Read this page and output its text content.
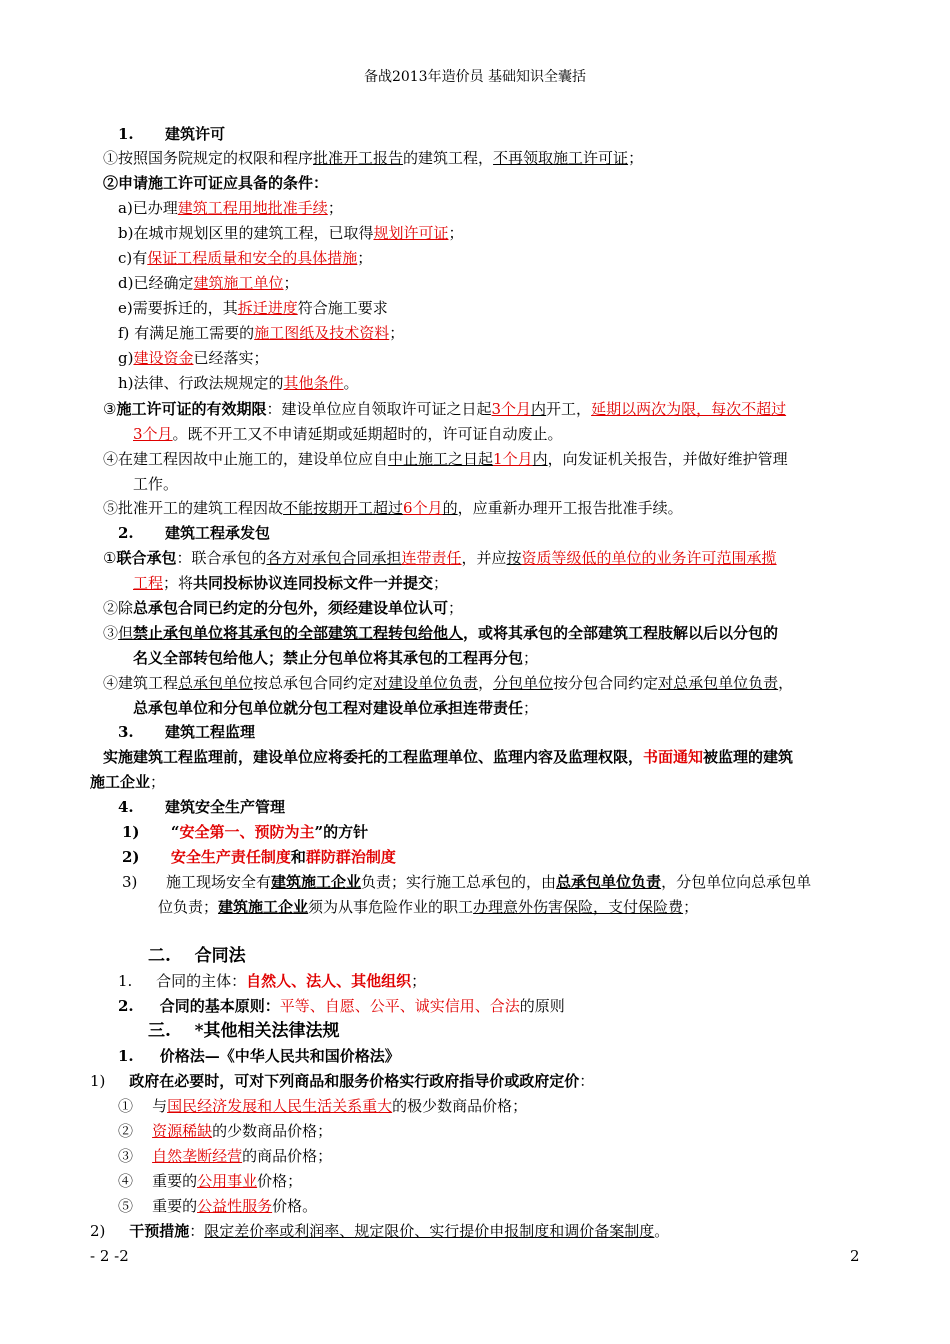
备战2013年造价员 基础知识全囊括
1.      建筑许可
①按照国务院规定的权限和程序批准开工报告的建筑工程，不再领取施工许可证；
②申请施工许可证应具备的条件：
a)已办理建筑工程用地批准手续；
b)在城市规划区里的建筑工程，已取得规划许可证；
c)有保证工程质量和安全的具体措施；
d)已经确定建筑施工单位；
e)需要拆迁的，其拆迁进度符合施工要求
f) 有满足施工需要的施工图纸及技术资料；
g)建设资金已经落实；
h)法律、行政法规规定的其他条件。
③施工许可证的有效期限：建设单位应自领取许可证之日起3个月内开工，延期以两次为限，每次不超过
3个月。既不开工又不申请延期或延期超时的，许可证自动废止。
④在建工程因故中止施工的，建设单位应自中止施工之日起1个月内，向发证机关报告，并做好维护管理
工作。
⑤批准开工的建筑工程因故不能按期开工超过6个月的，应重新办理开工报告批准手续。
2.      建筑工程承发包
①联合承包：联合承包的各方对承包合同承担连带责任，并应按资质等级低的单位的业务许可范围承揽
工程；将共同投标协议连同投标文件一并提交；
②除总承包合同已约定的分包外，须经建设单位认可；
③但禁止承包单位将其承包的全部建筑工程转包给他人，或将其承包的全部建筑工程肢解以后以分包的
名义全部转包给他人；禁止分包单位将其承包的工程再分包；
④建筑工程总承包单位按总承包合同约定对建设单位负责，分包单位按分包合同约定对总承包单位负责，
总承包单位和分包单位就分包工程对建设单位承担连带责任；
3.      建筑工程监理
实施建筑工程监理前，建设单位应将委托的工程监理单位、监理内容及监理权限，书面通知被监理的建筑
施工企业；
4.      建筑安全生产管理
1)      “安全第一、预防为主”的方针
2)      安全生产责任制度和群防群治制度
3)      施工现场安全有建筑施工企业负责；实行施工总承包的，由总承包单位负责，分包单位向总承包单
位负责；建筑施工企业须为从事危险作业的职工办理意外伤害保险，支付保险费；
二.    合同法
1.     合同的主体：自然人、法人、其他组织；
2.     合同的基本原则：平等、自愿、公平、诚实信用、合法的原则
三.    *其他相关法律法规
1.     价格法—《中华人民共和国价格法》
1)     政府在必要时，可对下列商品和服务价格实行政府指导价或政府定价：
①    与国民经济发展和人民生活关系重大的极少数商品价格；
②    资源稀缺的少数商品价格；
③    自然垄断经营的商品价格；
④    重要的公用事业价格；
⑤    重要的公益性服务价格。
2)     干预措施：限定差价率或利润率、规定限价、实行提价申报制度和调价备案制度。
- 2 -2	2
